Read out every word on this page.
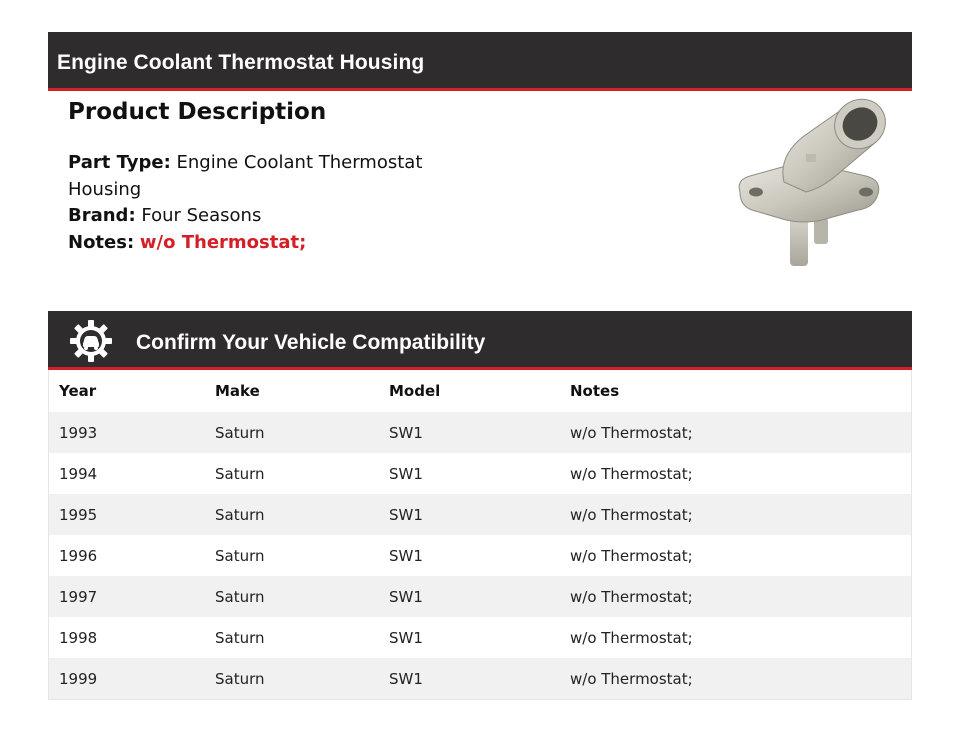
Engine Coolant Thermostat Housing
Product Description
Part Type: Engine Coolant Thermostat Housing
Brand: Four Seasons
Notes: w/o Thermostat;
Confirm Your Vehicle Compatibility
Year	Make	Model	Notes
1993	Saturn	SW1	w/o Thermostat;
1994	Saturn	SW1	w/o Thermostat;
1995	Saturn	SW1	w/o Thermostat;
1996	Saturn	SW1	w/o Thermostat;
1997	Saturn	SW1	w/o Thermostat;
1998	Saturn	SW1	w/o Thermostat;
1999	Saturn	SW1	w/o Thermostat;
